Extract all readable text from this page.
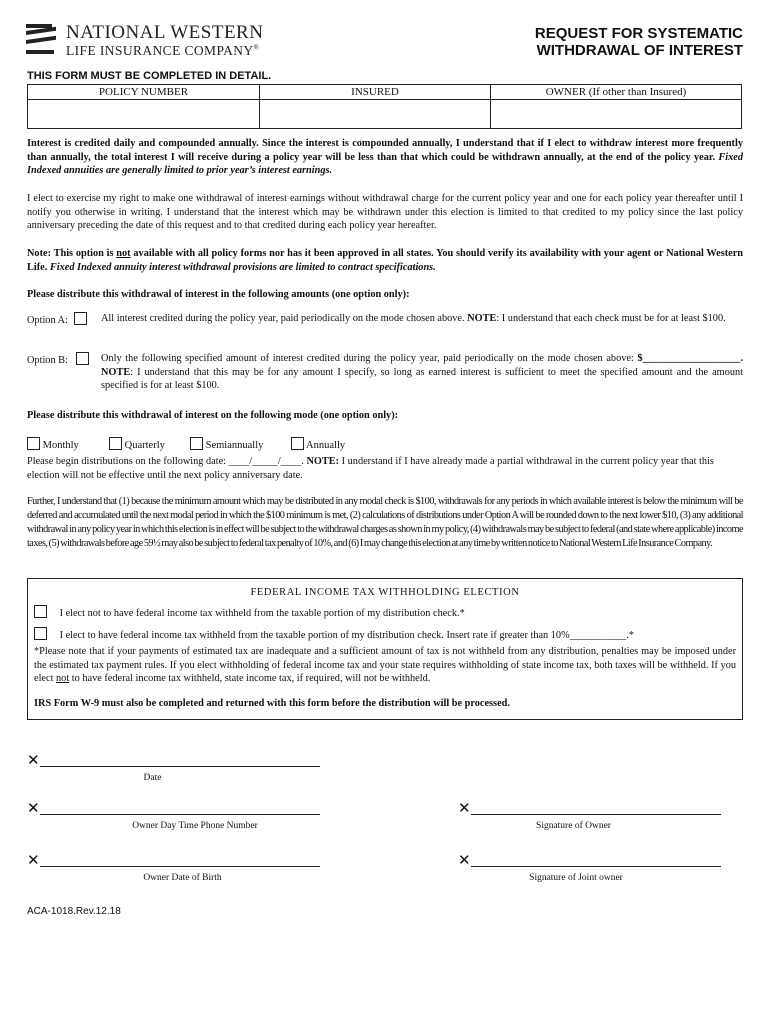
NATIONAL WESTERN
LIFE INSURANCE COMPANY®
REQUEST FOR SYSTEMATIC
WITHDRAWAL OF INTEREST
THIS FORM MUST BE COMPLETED IN DETAIL.
POLICY NUMBER	INSURED	OWNER (If other than Insured)
Interest is credited daily and compounded annually. Since the interest is compounded annually, I understand that if I elect to withdraw interest more frequently than annually, the total interest I will receive during a policy year will be less than that which could be withdrawn annually, at the end of the policy year. Fixed Indexed annuities are generally limited to prior year’s interest earnings.
I elect to exercise my right to make one withdrawal of interest earnings without withdrawal charge for the current policy year and one for each policy year thereafter until I notify you otherwise in writing. I understand that the interest which may be withdrawn under this election is limited to that credited to my policy since the last policy anniversary preceding the date of this request and to that credited during each policy year hereafter.
Note: This option is not available with all policy forms nor has it been approved in all states. You should verify its availability with your agent or National Western Life. Fixed Indexed annuity interest withdrawal provisions are limited to contract specifications.
Please distribute this withdrawal of interest in the following amounts (one option only):
Option A:	All interest credited during the policy year, paid periodically on the mode chosen above. NOTE: I understand that each check must be for at least $100.
Option B:	Only the following specified amount of interest credited during the policy year, paid periodically on the mode chosen above: $___________________. NOTE: I understand that this may be for any amount I specify, so long as earned interest is sufficient to meet the specified amount and the amount specified is for at least $100.
Please distribute this withdrawal of interest on the following mode (one option only):
Monthly	Quarterly	Semiannually	Annually
Please begin distributions on the following date: ____/_____/____. NOTE: I understand if I have already made a partial withdrawal in the current policy year that this election will not be effective until the next policy anniversary date.
Further, I understand that (1) because the minimum amount which may be distributed in any modal check is $100, withdrawals for any periods in which available interest is below the minimum will be deferred and accumulated until the next modal period in which the $100 minimum is met, (2) calculations of distributions under Option A will be rounded down to the next lower $10, (3) any additional withdrawal in any policy year in which this election is in effect will be subject to the withdrawal charges as shown in my policy, (4) withdrawals may be subject to federal (and state where applicable) income taxes, (5) withdrawals before age 59½ may also be subject to federal tax penalty of 10%, and (6) I may change this election at any time by written notice to National Western Life Insurance Company.
FEDERAL INCOME TAX WITHHOLDING ELECTION
I elect not to have federal income tax withheld from the taxable portion of my distribution check.*
I elect to have federal income tax withheld from the taxable portion of my distribution check. Insert rate if greater than 10%___________.*
*Please note that if your payments of estimated tax are inadequate and a sufficient amount of tax is not withheld from any distribution, penalties may be imposed under the estimated tax payment rules. If you elect withholding of federal income tax and your state requires withholding of state income tax, both taxes will be withheld. If you elect not to have federal income tax withheld, state income tax, if required, will not be withheld.
IRS Form W-9 must also be completed and returned with this form before the distribution will be processed.
✕
Date
✕
Owner Day Time Phone Number
✕
Owner Date of Birth
✕
Signature of Owner
✕
Signature of Joint owner
ACA-1018.Rev.12.18
